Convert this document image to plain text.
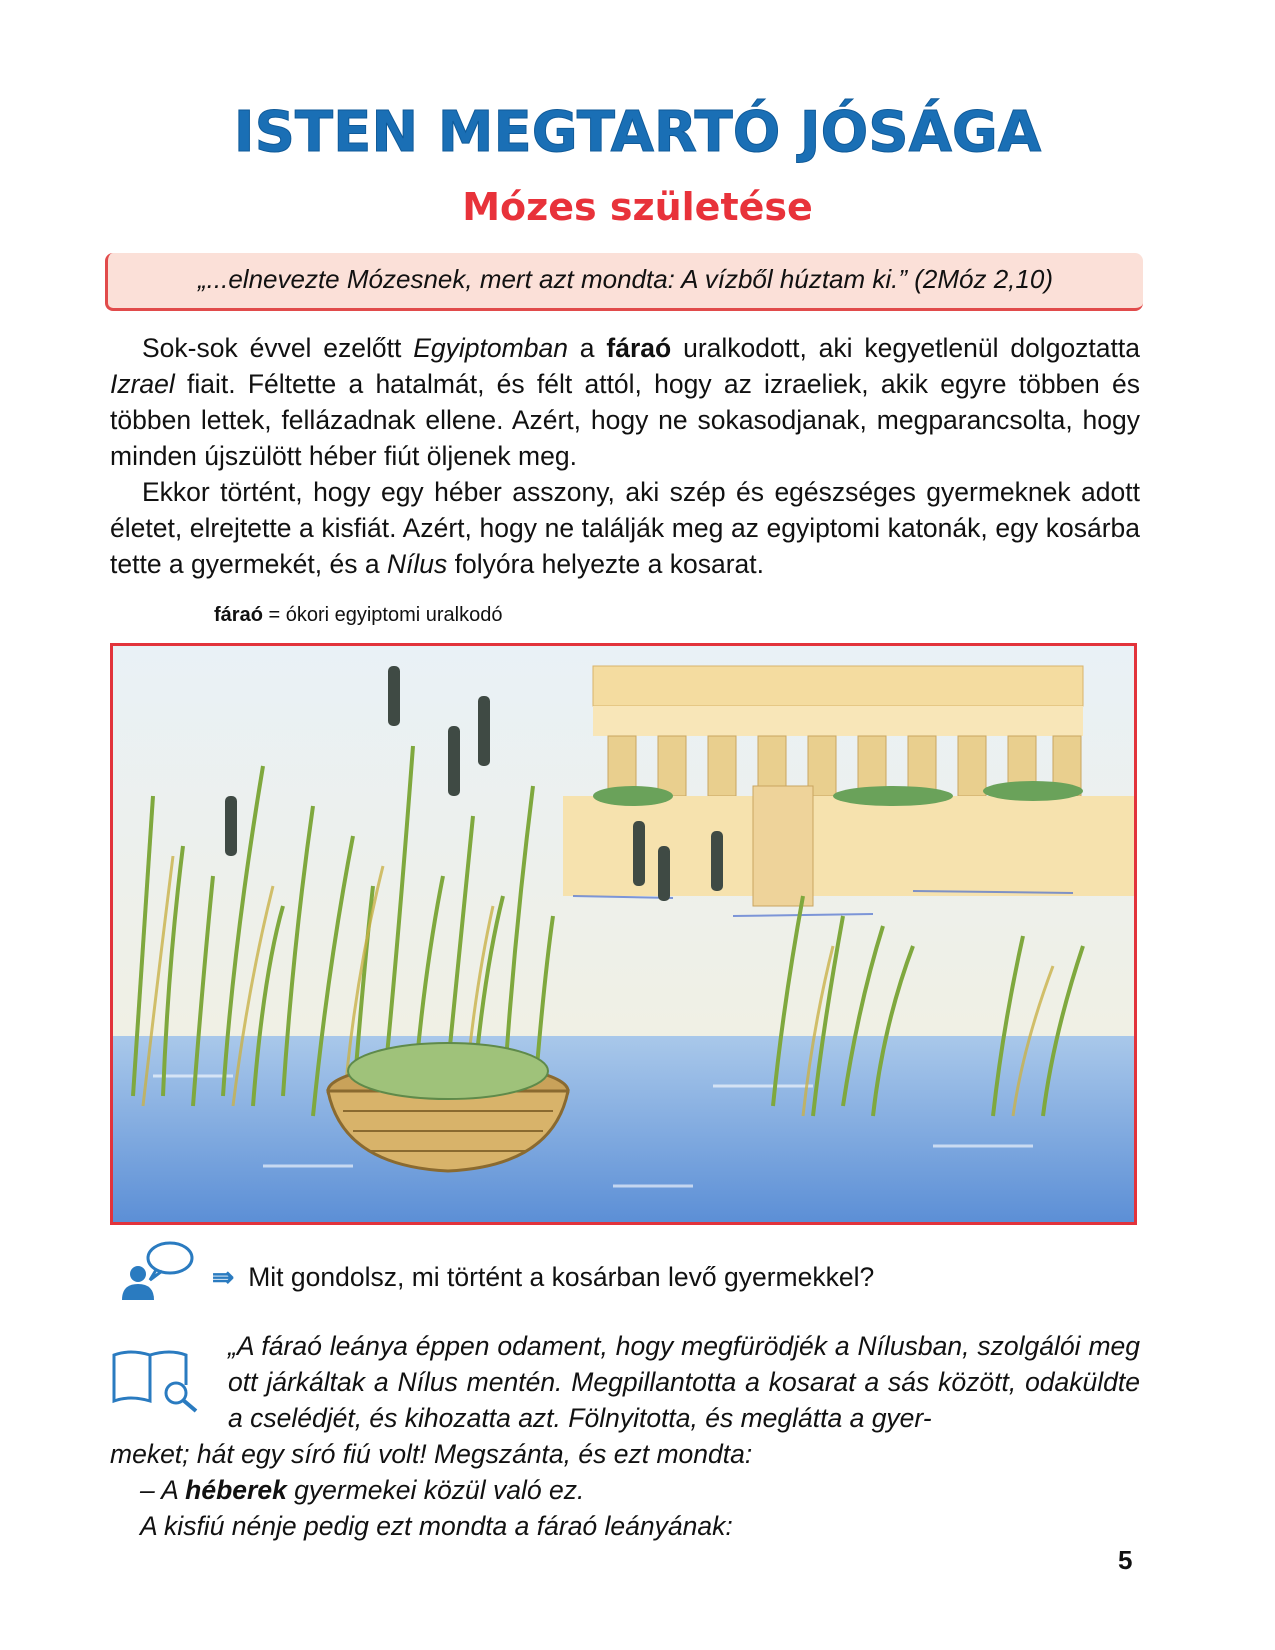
ISTEN MEGTARTÓ JÓSÁGA
Mózes születése
„...elnevezte Mózesnek, mert azt mondta: A vízből húztam ki.” (2Móz 2,10)

Sok-sok évvel ezelőtt Egyiptomban a fáraó uralkodott, aki kegyetlenül dolgoztatta Izrael fiait. Féltette a hatalmát, és félt attól, hogy az izraeliek, akik egyre többen és többen lettek, fellázadnak ellene. Azért, hogy ne sokasodjanak, megparancsolta, hogy minden újszülött héber fiút öljenek meg.

Ekkor történt, hogy egy héber asszony, aki szép és egészséges gyermeknek adott életet, elrejtette a kisfiát. Azért, hogy ne találják meg az egyiptomi katonák, egy kosárba tette a gyermekét, és a Nílus folyóra helyezte a kosarat.

fáraó = ókori egyiptomi uralkodó
⇛ Mit gondolsz, mi történt a kosárban levő gyermekkel?
„A fáraó leánya éppen odament, hogy megfürödjék a Nílusban, szolgálói meg ott járkáltak a Nílus mentén. Megpillantotta a kosarat a sás között, odaküldte a cselédjét, és kihozatta azt. Fölnyitotta, és meglátta a gyer-
meket; hát egy síró fiú volt! Megszánta, és ezt mondta:
– A héberek gyermekei közül való ez.
A kisfiú nénje pedig ezt mondta a fáraó leányának:
5
